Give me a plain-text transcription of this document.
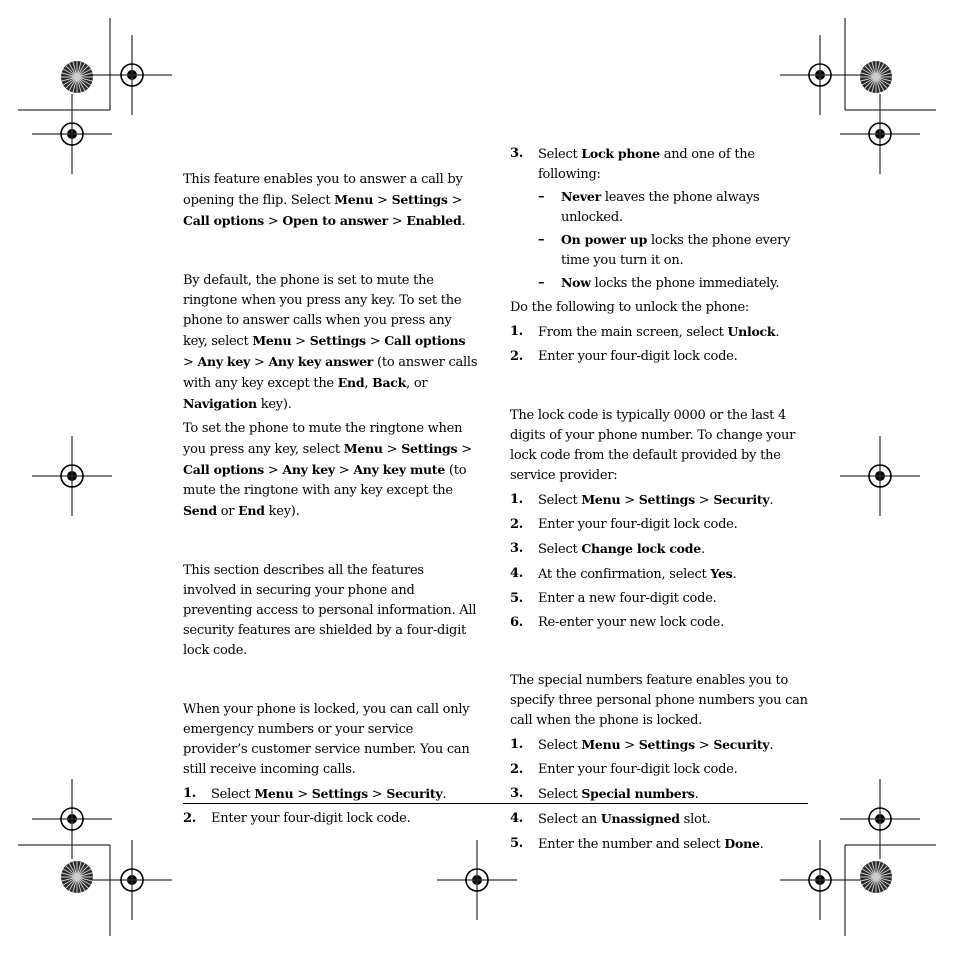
This feature enables you to answer a call by opening the flip. Select Menu > Settings > Call options > Open to answer > Enabled.

By default, the phone is set to mute the ringtone when you press any key. To set the phone to answer calls when you press any key, select Menu > Settings > Call options > Any key > Any key answer (to answer calls with any key except the End, Back, or Navigation key).

To set the phone to mute the ringtone when you press any key, select Menu > Settings > Call options > Any key > Any key mute (to mute the ringtone with any key except the Send or End key).

This section describes all the features involved in securing your phone and preventing access to personal information. All security features are shielded by a four-digit lock code.

When your phone is locked, you can call only emergency numbers or your service provider’s customer service number. You can still receive incoming calls.

1. Select Menu > Settings > Security.
2. Enter your four-digit lock code.
3. Select Lock phone and one of the following:
– Never leaves the phone always unlocked.
– On power up locks the phone every time you turn it on.
– Now locks the phone immediately.

Do the following to unlock the phone:

1. From the main screen, select Unlock.
2. Enter your four-digit lock code.

The lock code is typically 0000 or the last 4 digits of your phone number. To change your lock code from the default provided by the service provider:

1. Select Menu > Settings > Security.
2. Enter your four-digit lock code.
3. Select Change lock code.
4. At the confirmation, select Yes.
5. Enter a new four-digit code.
6. Re-enter your new lock code.

The special numbers feature enables you to specify three personal phone numbers you can call when the phone is locked.

1. Select Menu > Settings > Security.
2. Enter your four-digit lock code.
3. Select Special numbers.
4. Select an Unassigned slot.
5. Enter the number and select Done.
